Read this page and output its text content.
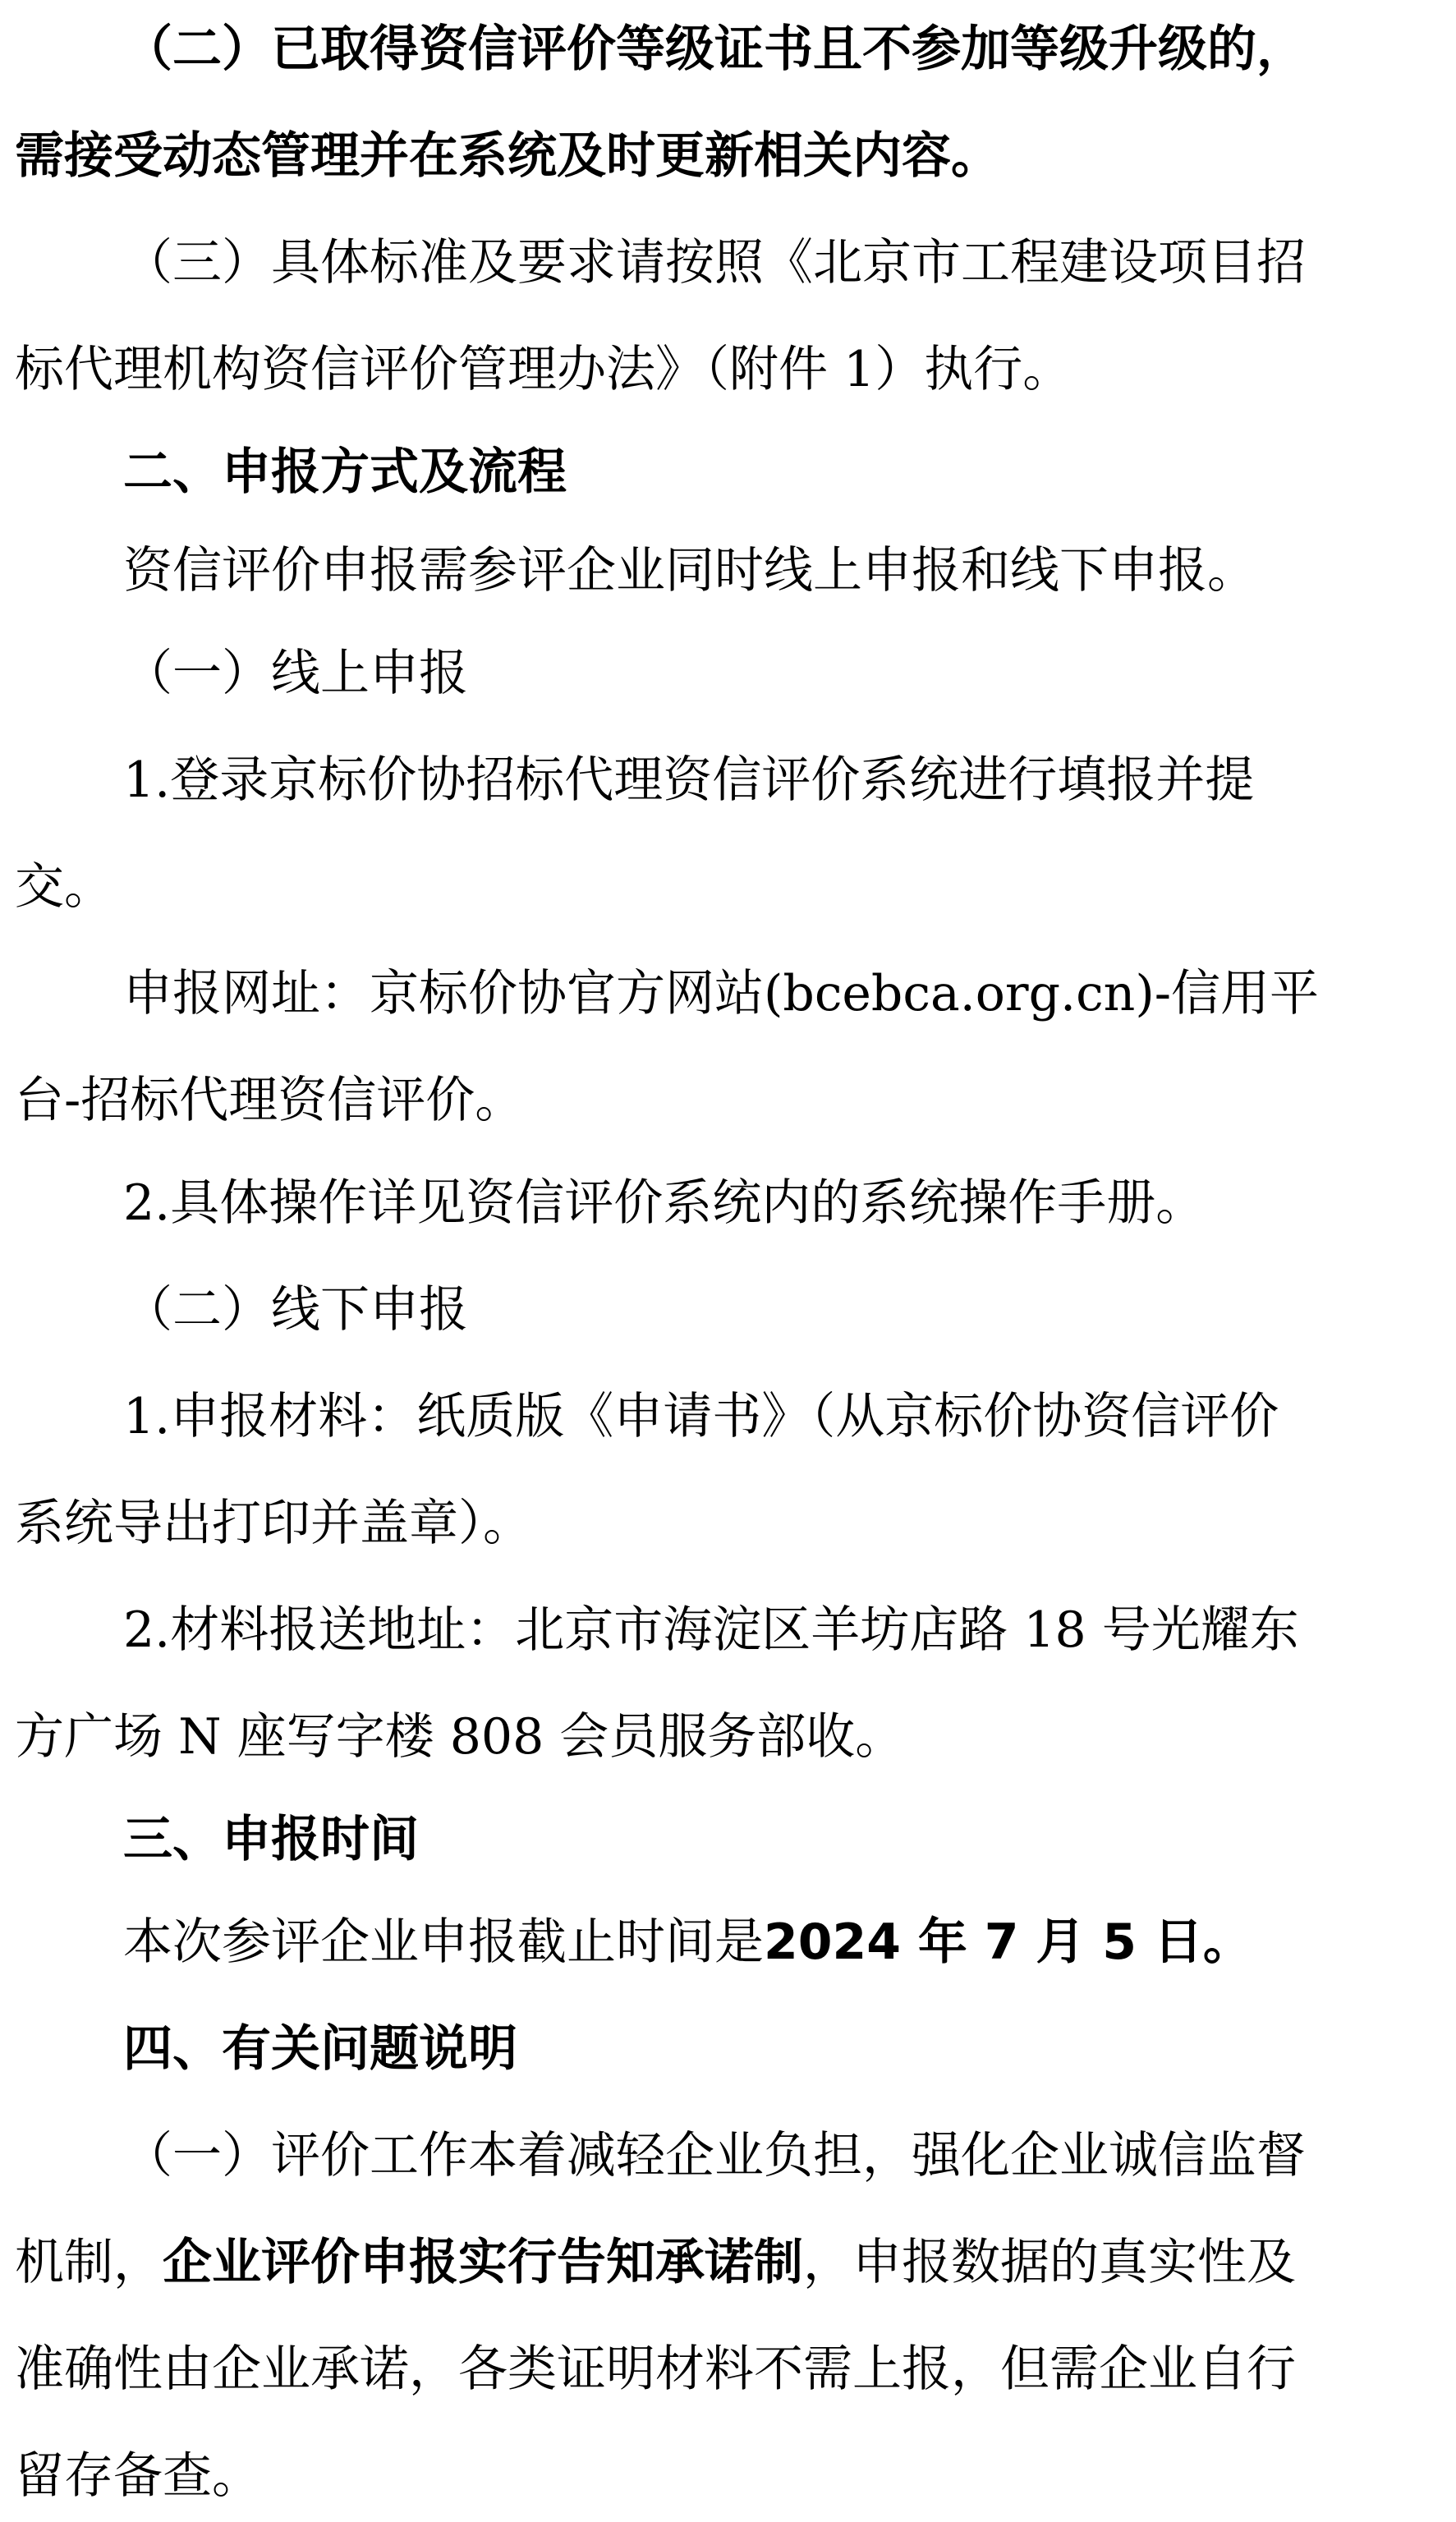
（二）已取得资信评价等级证书且不参加等级升级的，
需接受动态管理并在系统及时更新相关内容。
（三）具体标准及要求请按照《北京市工程建设项目招
标代理机构资信评价管理办法》（附件 1）执行。
二、申报方式及流程
资信评价申报需参评企业同时线上申报和线下申报。
（一）线上申报
1.登录京标价协招标代理资信评价系统进行填报并提
交。
申报网址：京标价协官方网站(bcebca.org.cn)-信用平
台-招标代理资信评价。
2.具体操作详见资信评价系统内的系统操作手册。
（二）线下申报
1.申报材料：纸质版《申请书》（从京标价协资信评价
系统导出打印并盖章）。
2.材料报送地址：北京市海淀区羊坊店路 18 号光耀东
方广场 N 座写字楼 808 会员服务部收。
三、申报时间
本次参评企业申报截止时间是2024 年 7 月 5 日。
四、有关问题说明
（一）评价工作本着减轻企业负担，强化企业诚信监督
机制，企业评价申报实行告知承诺制，申报数据的真实性及
准确性由企业承诺，各类证明材料不需上报，但需企业自行
留存备查。
